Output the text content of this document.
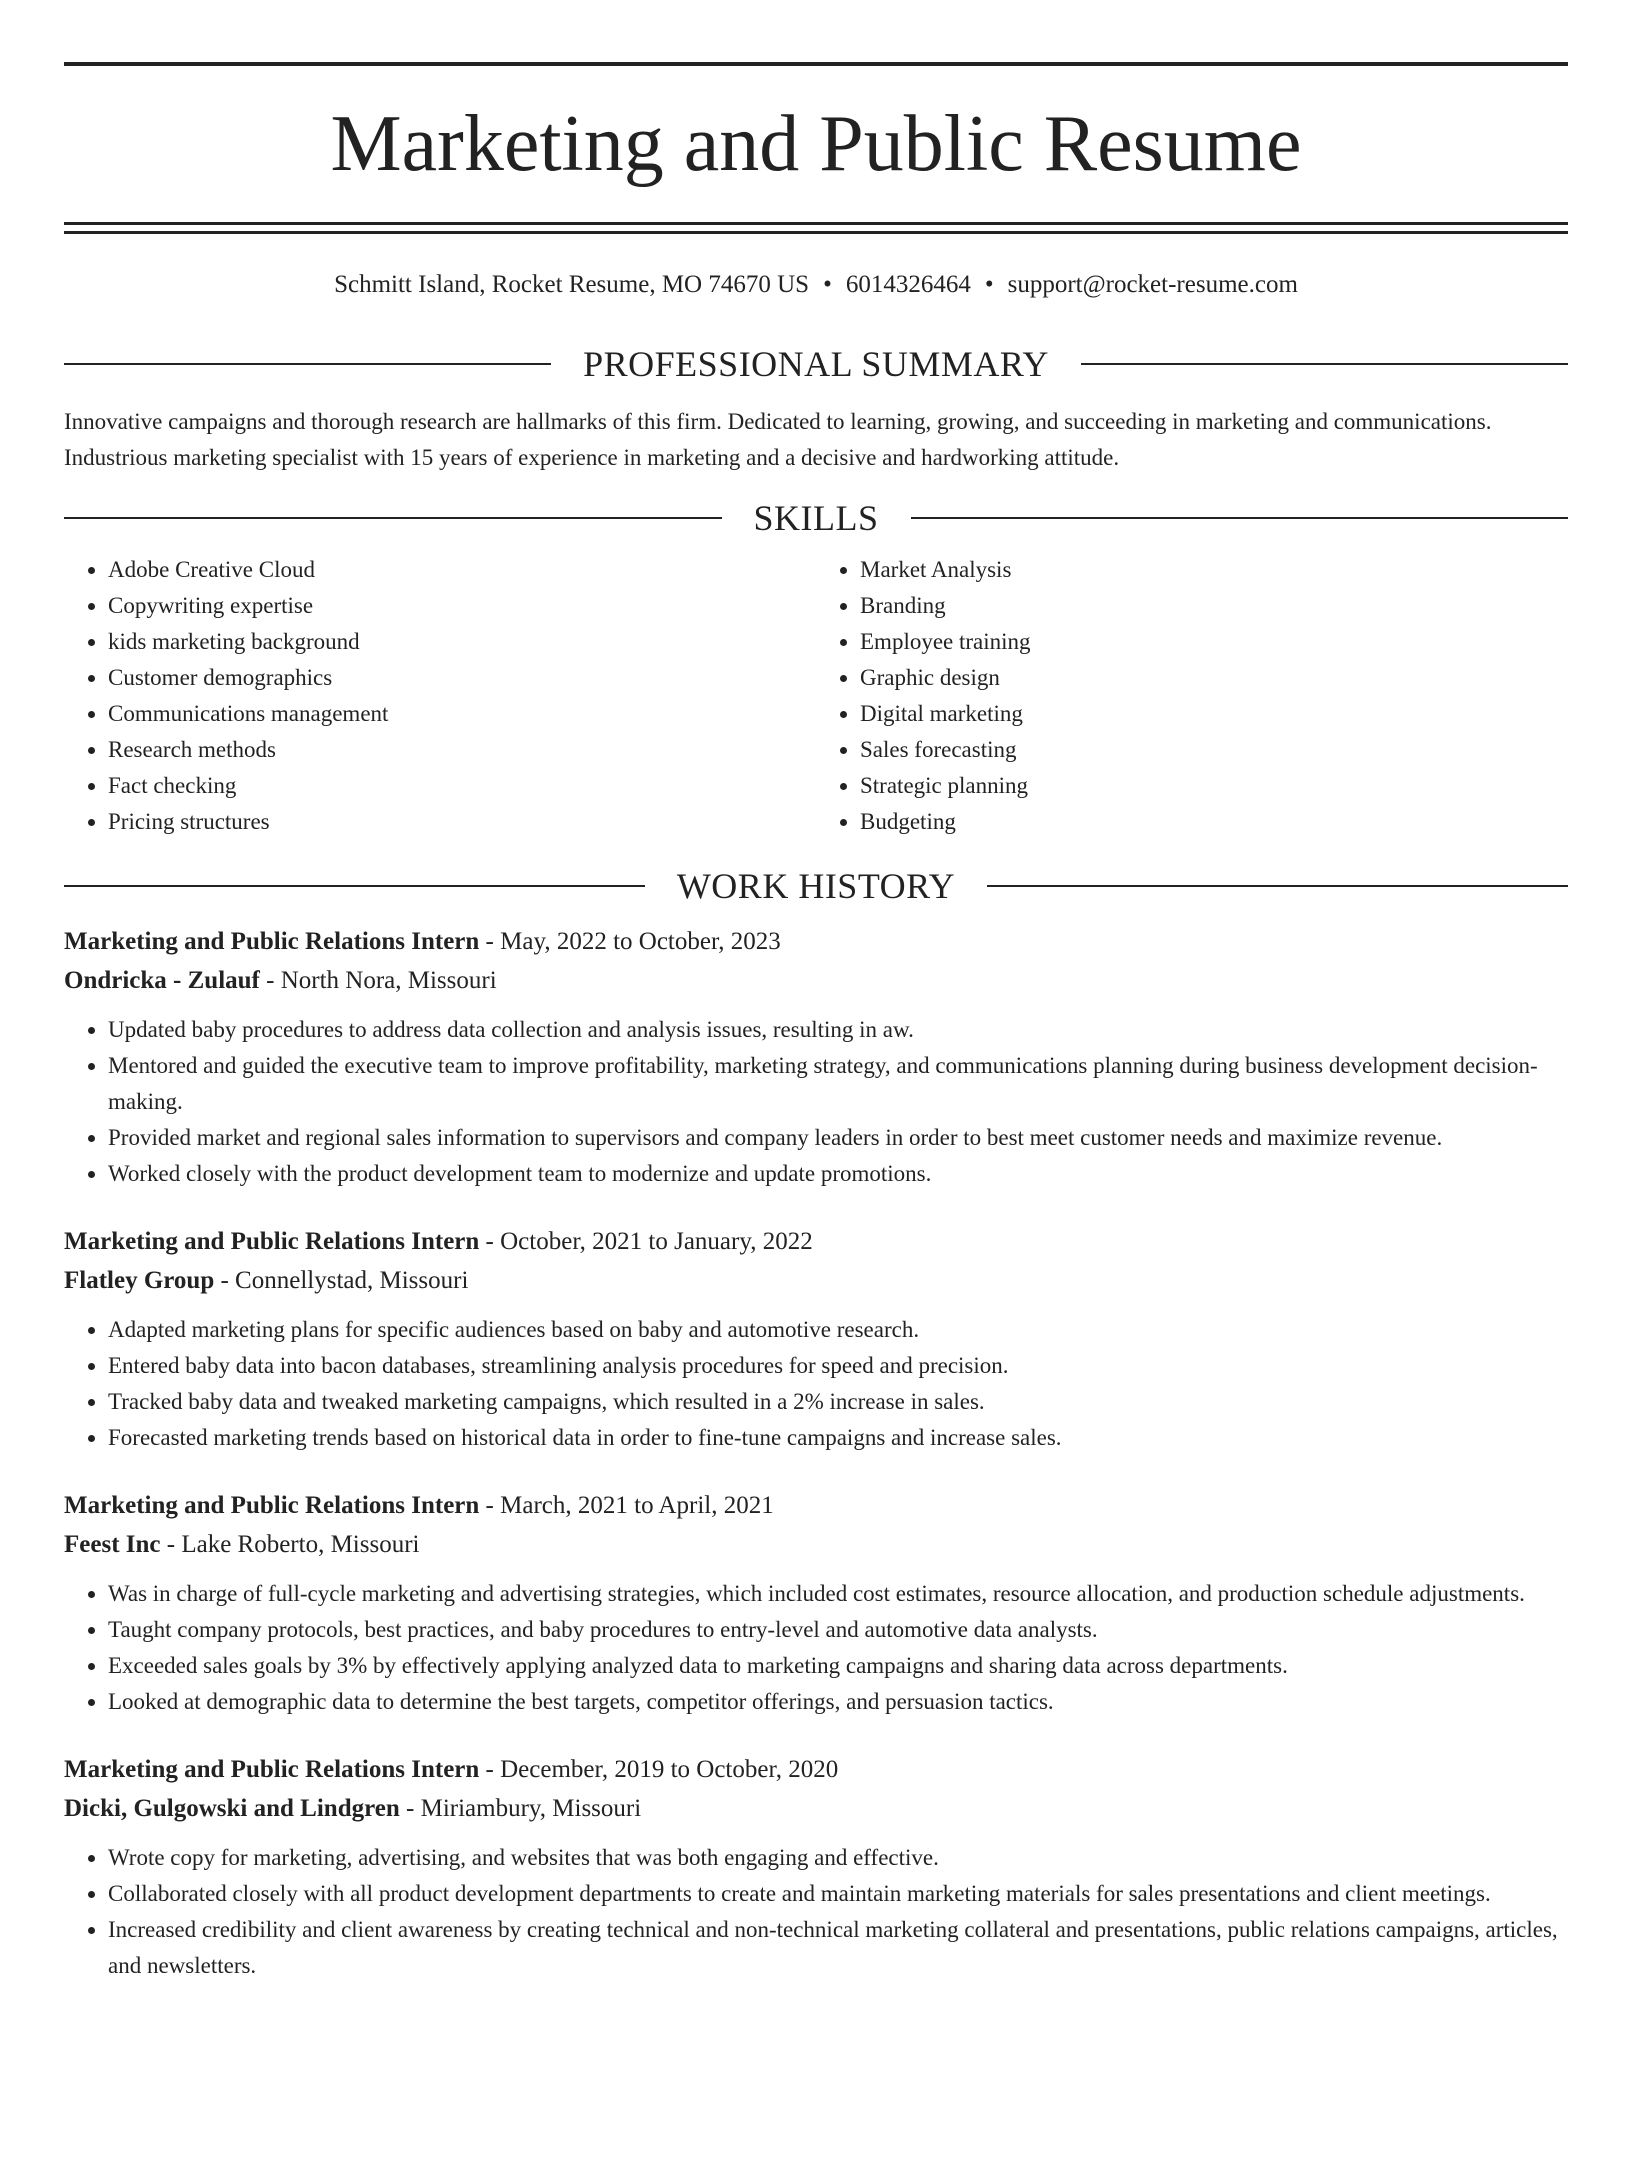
Marketing and Public Resume
Schmitt Island, Rocket Resume, MO 74670 US • 6014326464 • support@rocket-resume.com
PROFESSIONAL SUMMARY

Innovative campaigns and thorough research are hallmarks of this firm. Dedicated to learning, growing, and succeeding in marketing and communications. Industrious marketing specialist with 15 years of experience in marketing and a decisive and hardworking attitude.

SKILLS
• Adobe Creative Cloud
• Copywriting expertise
• kids marketing background
• Customer demographics
• Communications management
• Research methods
• Fact checking
• Pricing structures
• Market Analysis
• Branding
• Employee training
• Graphic design
• Digital marketing
• Sales forecasting
• Strategic planning
• Budgeting
WORK HISTORY
Marketing and Public Relations Intern - May, 2022 to October, 2023
Ondricka - Zulauf - North Nora, Missouri
• Updated baby procedures to address data collection and analysis issues, resulting in aw.
• Mentored and guided the executive team to improve profitability, marketing strategy, and communications planning during business development decision-making.
• Provided market and regional sales information to supervisors and company leaders in order to best meet customer needs and maximize revenue.
• Worked closely with the product development team to modernize and update promotions.
Marketing and Public Relations Intern - October, 2021 to January, 2022
Flatley Group - Connellystad, Missouri
• Adapted marketing plans for specific audiences based on baby and automotive research.
• Entered baby data into bacon databases, streamlining analysis procedures for speed and precision.
• Tracked baby data and tweaked marketing campaigns, which resulted in a 2% increase in sales.
• Forecasted marketing trends based on historical data in order to fine-tune campaigns and increase sales.
Marketing and Public Relations Intern - March, 2021 to April, 2021
Feest Inc - Lake Roberto, Missouri
• Was in charge of full-cycle marketing and advertising strategies, which included cost estimates, resource allocation, and production schedule adjustments.
• Taught company protocols, best practices, and baby procedures to entry-level and automotive data analysts.
• Exceeded sales goals by 3% by effectively applying analyzed data to marketing campaigns and sharing data across departments.
• Looked at demographic data to determine the best targets, competitor offerings, and persuasion tactics.
Marketing and Public Relations Intern - December, 2019 to October, 2020
Dicki, Gulgowski and Lindgren - Miriambury, Missouri
• Wrote copy for marketing, advertising, and websites that was both engaging and effective.
• Collaborated closely with all product development departments to create and maintain marketing materials for sales presentations and client meetings.
• Increased credibility and client awareness by creating technical and non-technical marketing collateral and presentations, public relations campaigns, articles, and newsletters.
